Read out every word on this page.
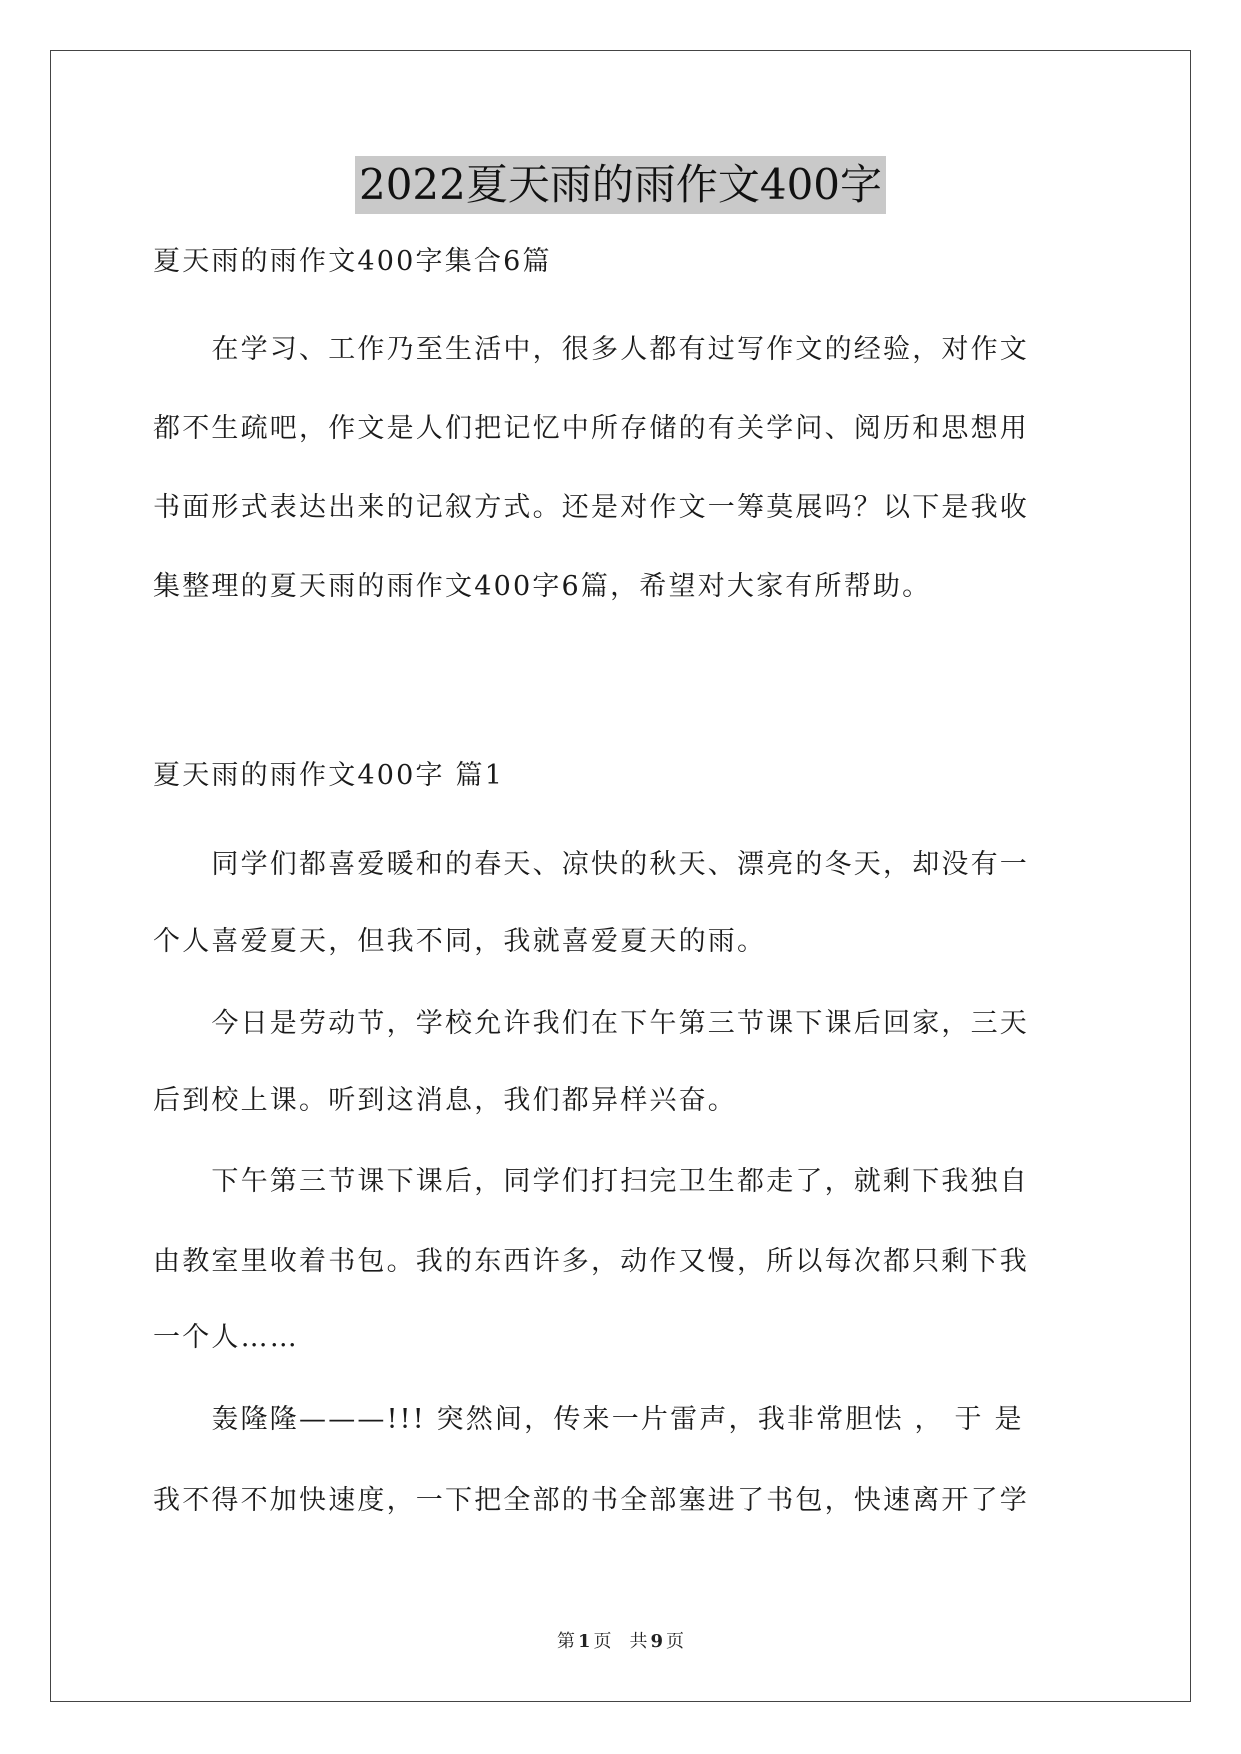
2022夏天雨的雨作文400字
夏天雨的雨作文400字集合6篇
　　在学习、工作乃至生活中，很多人都有过写作文的经验，对作文
都不生疏吧，作文是人们把记忆中所存储的有关学问、阅历和思想用
书面形式表达出来的记叙方式。还是对作文一筹莫展吗？以下是我收
集整理的夏天雨的雨作文400字6篇，希望对大家有所帮助。
夏天雨的雨作文400字 篇1
　　同学们都喜爱暖和的春天、凉快的秋天、漂亮的冬天，却没有一
个人喜爱夏天，但我不同，我就喜爱夏天的雨。
　　今日是劳动节，学校允许我们在下午第三节课下课后回家，三天
后到校上课。听到这消息，我们都异样兴奋。
　　下午第三节课下课后，同学们打扫完卫生都走了，就剩下我独自
由教室里收着书包。我的东西许多，动作又慢，所以每次都只剩下我
一个人……
　　轰隆隆———!!! 突然间，传来一片雷声，我非常胆怯 ， 于 是
我不得不加快速度，一下把全部的书全部塞进了书包，快速离开了学
第 1 页 共 9 页
